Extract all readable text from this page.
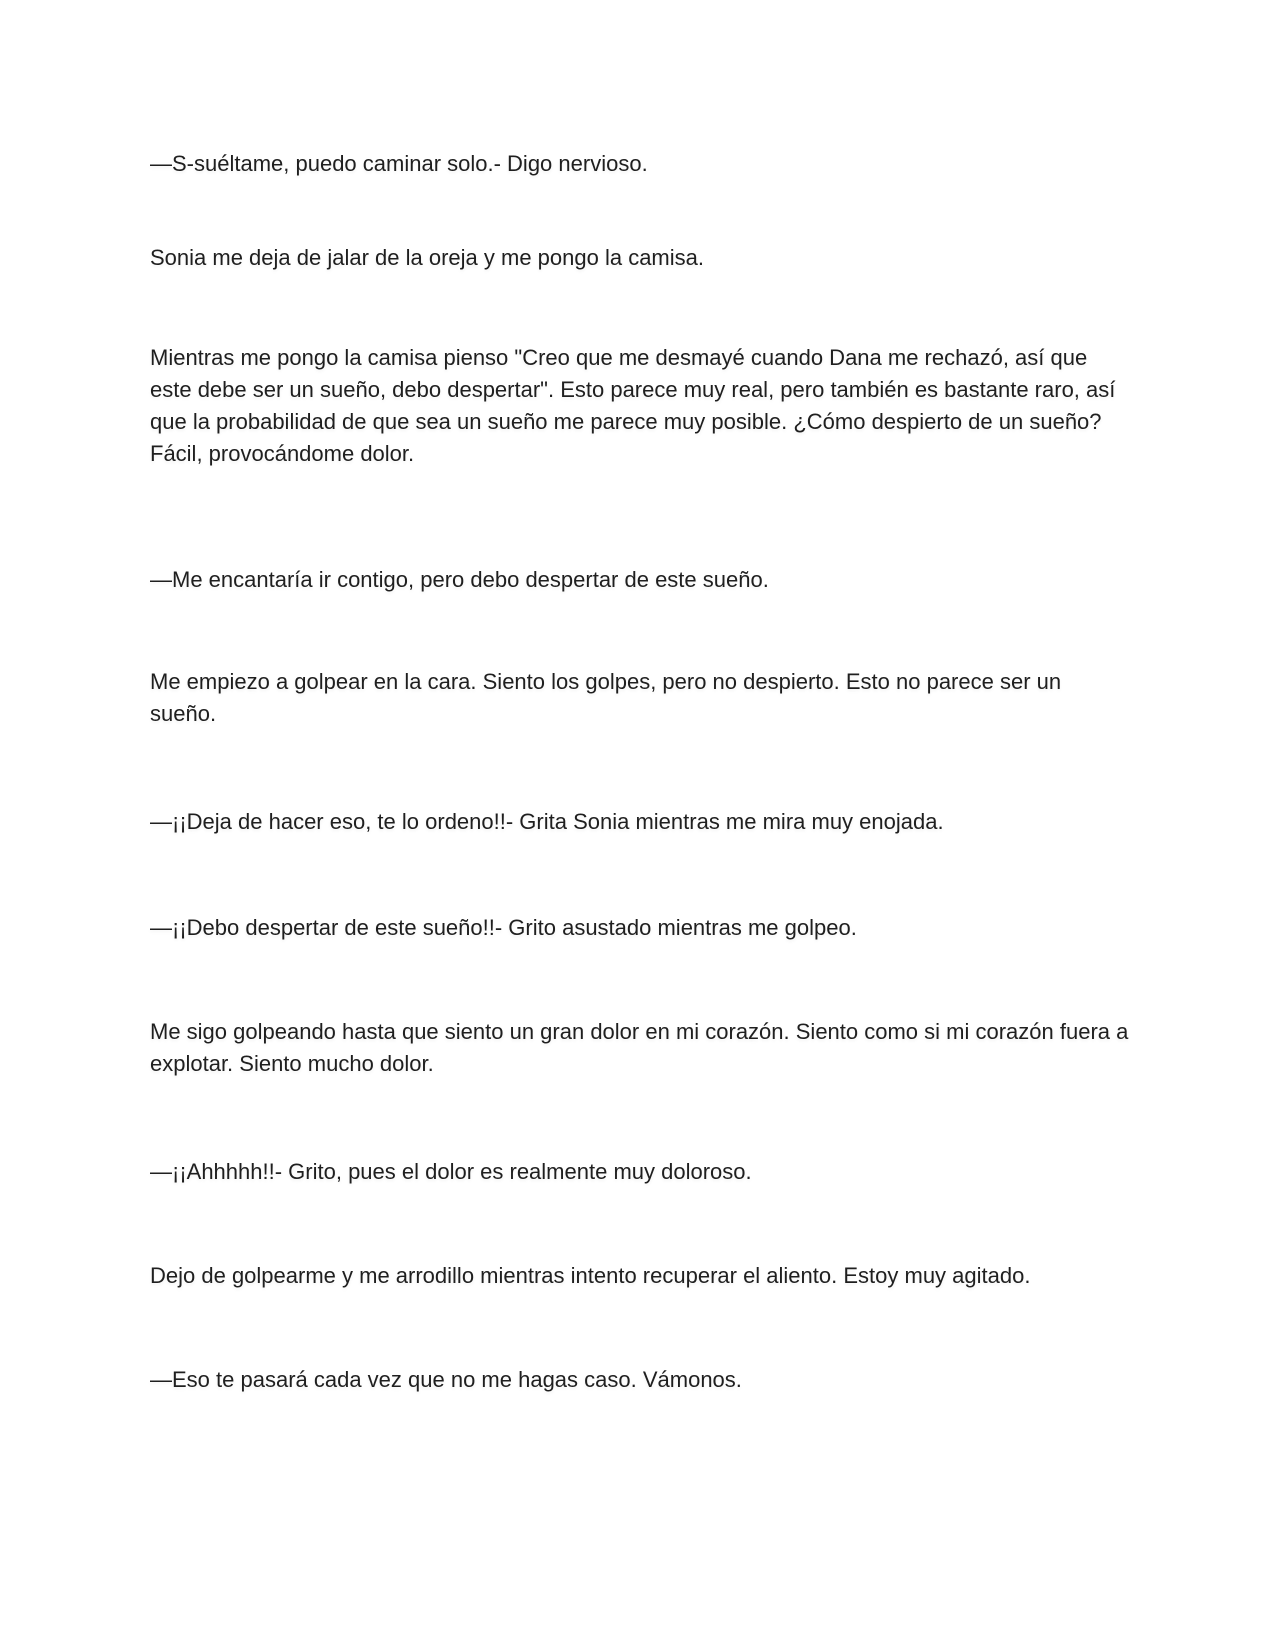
—S-suéltame, puedo caminar solo.- Digo nervioso.

Sonia me deja de jalar de la oreja y me pongo la camisa.

Mientras me pongo la camisa pienso "Creo que me desmayé cuando Dana me rechazó, así que este debe ser un sueño, debo despertar". Esto parece muy real, pero también es bastante raro, así que la probabilidad de que sea un sueño me parece muy posible. ¿Cómo despierto de un sueño? Fácil, provocándome dolor.

—Me encantaría ir contigo, pero debo despertar de este sueño.

Me empiezo a golpear en la cara. Siento los golpes, pero no despierto. Esto no parece ser un sueño.

—¡¡Deja de hacer eso, te lo ordeno!!- Grita Sonia mientras me mira muy enojada.

—¡¡Debo despertar de este sueño!!- Grito asustado mientras me golpeo.

Me sigo golpeando hasta que siento un gran dolor en mi corazón. Siento como si mi corazón fuera a explotar. Siento mucho dolor.

—¡¡Ahhhhh!!- Grito, pues el dolor es realmente muy doloroso.

Dejo de golpearme y me arrodillo mientras intento recuperar el aliento. Estoy muy agitado.

—Eso te pasará cada vez que no me hagas caso. Vámonos.
